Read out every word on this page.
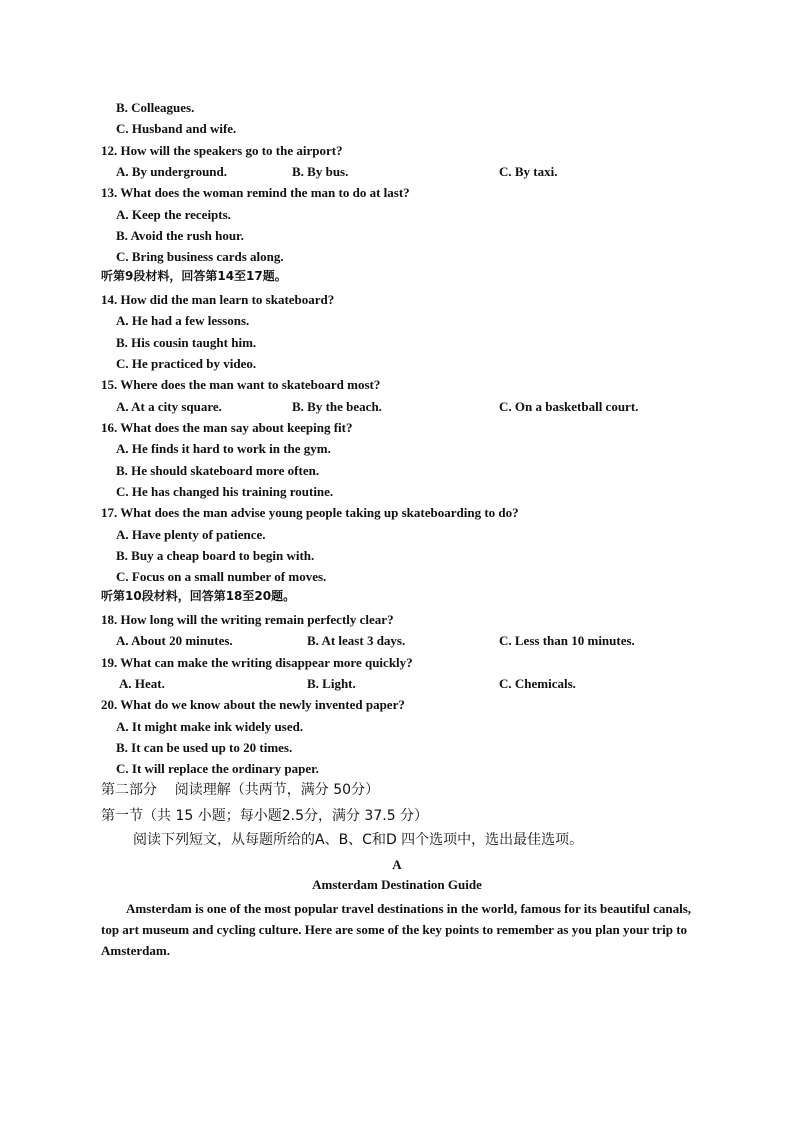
B. Colleagues.
C. Husband and wife.
12. How will the speakers go to the airport?
A. By underground.	B. By bus.	C. By taxi.
13. What does the woman remind the man to do at last?
A. Keep the receipts.
B. Avoid the rush hour.
C. Bring business cards along.
听第9段材料，回答第14至17题。
14. How did the man learn to skateboard?
A. He had a few lessons.
B. His cousin taught him.
C. He practiced by video.
15. Where does the man want to skateboard most?
A. At a city square.	B. By the beach.	C. On a basketball court.
16. What does the man say about keeping fit?
A. He finds it hard to work in the gym.
B. He should skateboard more often.
C. He has changed his training routine.
17. What does the man advise young people taking up skateboarding to do?
A. Have plenty of patience.
B. Buy a cheap board to begin with.
C. Focus on a small number of moves.
听第10段材料，回答第18至20题。
18. How long will the writing remain perfectly clear?
A. About 20 minutes.	B. At least 3 days.	C. Less than 10 minutes.
19. What can make the writing disappear more quickly?
A. Heat.	B. Light.	C. Chemicals.
20. What do we know about the newly invented paper?
A. It might make ink widely used.
B. It can be used up to 20 times.
C. It will replace the ordinary paper.
第二部分    阅读理解（共两节，满分 50分）
第一节（共 15 小题；每小题2.5分，满分 37.5 分）
阅读下列短文，从每题所给的A、B、C和D 四个选项中，选出最佳选项。
A
Amsterdam Destination Guide
Amsterdam is one of the most popular travel destinations in the world, famous for its beautiful canals, top art museum and cycling culture. Here are some of the key points to remember as you plan your trip to Amsterdam.
